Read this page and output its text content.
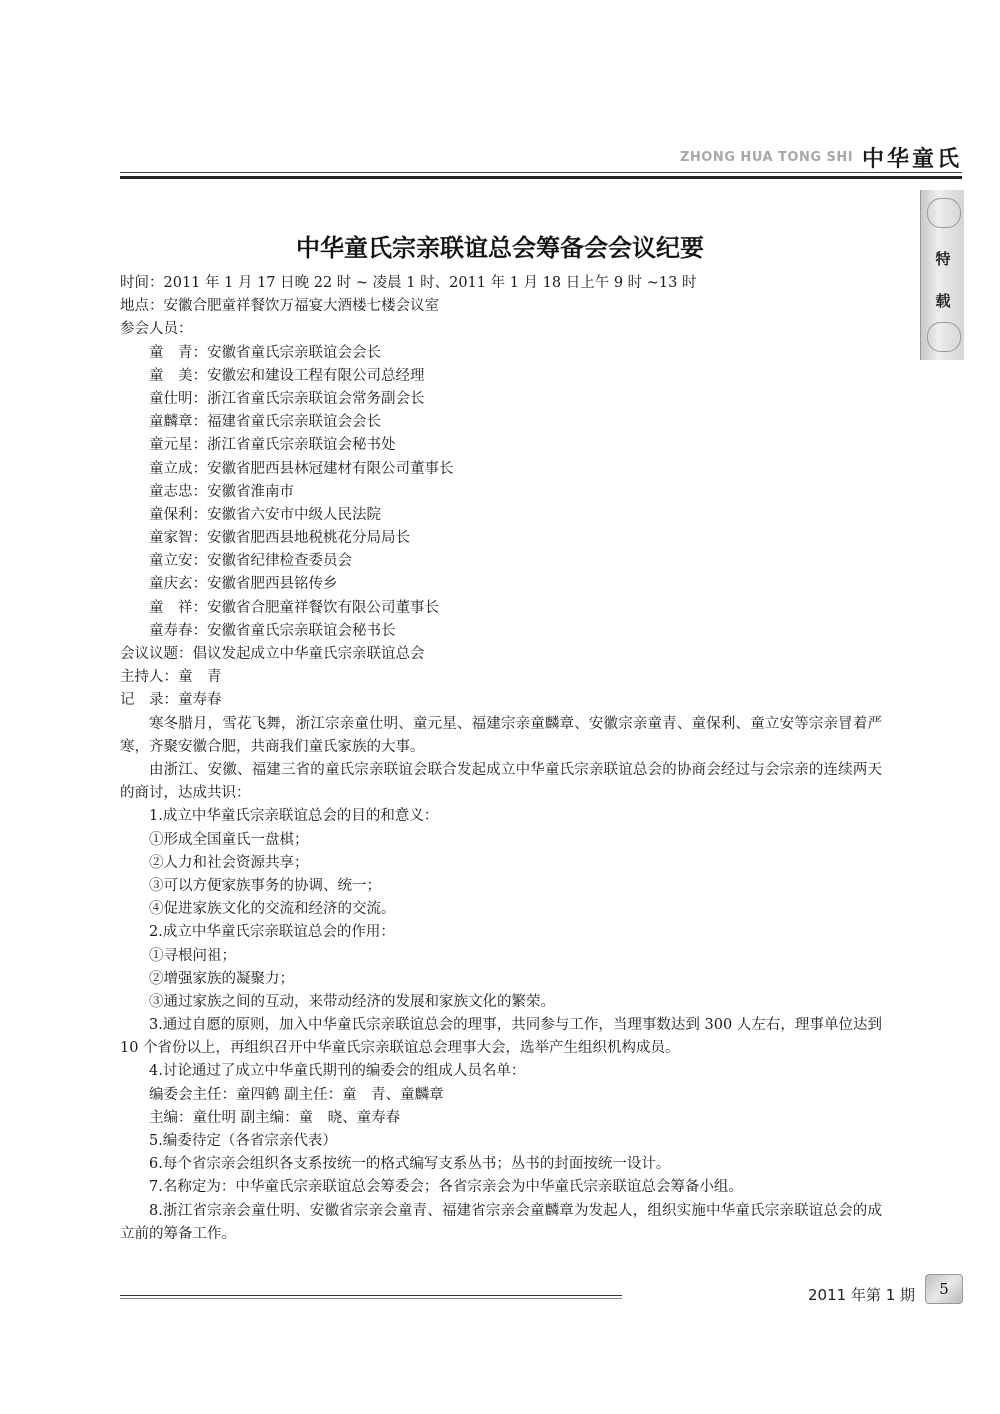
ZHONG HUA TONG SHI 中华童氏
特
载
中华童氏宗亲联谊总会筹备会会议纪要
时间：2011 年 1 月 17 日晚 22 时 ~ 凌晨 1 时、2011 年 1 月 18 日上午 9 时 ~13 时
地点：安徽合肥童祥餐饮万福宴大酒楼七楼会议室
参会人员：
童　青：安徽省童氏宗亲联谊会会长
童　美：安徽宏和建设工程有限公司总经理
童仕明：浙江省童氏宗亲联谊会常务副会长
童麟章：福建省童氏宗亲联谊会会长
童元星：浙江省童氏宗亲联谊会秘书处
童立成：安徽省肥西县林冠建材有限公司董事长
童志忠：安徽省淮南市
童保利：安徽省六安市中级人民法院
童家智：安徽省肥西县地税桃花分局局长
童立安：安徽省纪律检查委员会
童庆玄：安徽省肥西县铭传乡
童　祥：安徽省合肥童祥餐饮有限公司董事长
童寿春：安徽省童氏宗亲联谊会秘书长
会议议题：倡议发起成立中华童氏宗亲联谊总会
主持人：童　青
记　录：童寿春
寒冬腊月，雪花飞舞，浙江宗亲童仕明、童元星、福建宗亲童麟章、安徽宗亲童青、童保利、童立安等宗亲冒着严寒，齐聚安徽合肥，共商我们童氏家族的大事。
由浙江、安徽、福建三省的童氏宗亲联谊会联合发起成立中华童氏宗亲联谊总会的协商会经过与会宗亲的连续两天的商讨，达成共识：
1.成立中华童氏宗亲联谊总会的目的和意义：
①形成全国童氏一盘棋；
②人力和社会资源共享；
③可以方便家族事务的协调、统一；
④促进家族文化的交流和经济的交流。
2.成立中华童氏宗亲联谊总会的作用：
①寻根问祖；
②增强家族的凝聚力；
③通过家族之间的互动，来带动经济的发展和家族文化的繁荣。
3.通过自愿的原则，加入中华童氏宗亲联谊总会的理事，共同参与工作，当理事数达到 300 人左右，理事单位达到 10 个省份以上，再组织召开中华童氏宗亲联谊总会理事大会，选举产生组织机构成员。
4.讨论通过了成立中华童氏期刊的编委会的组成人员名单：
编委会主任：童四鹤 副主任：童　青、童麟章
主编：童仕明 副主编：童　晓、童寿春
5.编委待定（各省宗亲代表）
6.每个省宗亲会组织各支系按统一的格式编写支系丛书；丛书的封面按统一设计。
7.名称定为：中华童氏宗亲联谊总会筹委会；各省宗亲会为中华童氏宗亲联谊总会筹备小组。
8.浙江省宗亲会童仕明、安徽省宗亲会童青、福建省宗亲会童麟章为发起人，组织实施中华童氏宗亲联谊总会的成立前的筹备工作。
2011 年第 1 期	5
